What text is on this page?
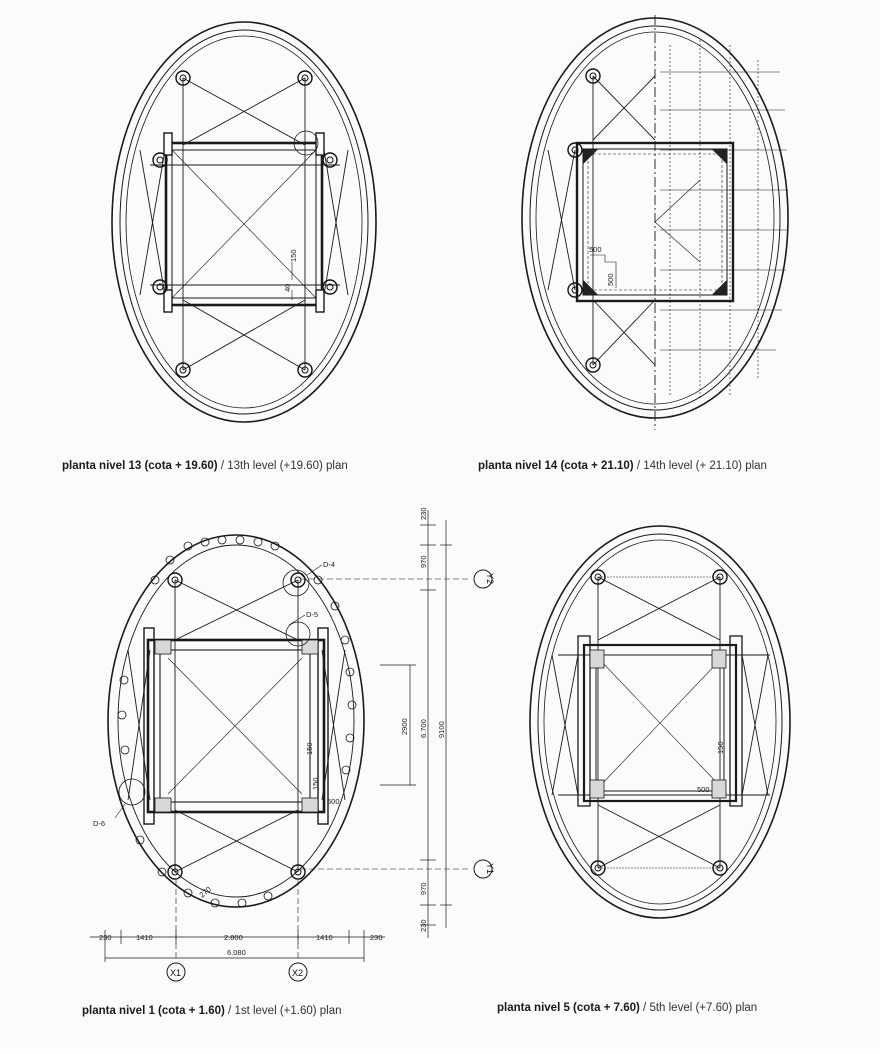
150
40
500
500
230	1410	2.800	1410	230
6.080
230
970
2900 6.700 9100
970
230
150
150
600
270
D-4
D-5
D-6
X1	X2
Y2
Y1
150
500
planta nivel 13 (cota + 19.60) / 13th level (+19.60) plan	planta nivel 14 (cota + 21.10) / 14th level (+ 21.10) plan
planta nivel 1 (cota + 1.60) / 1st level (+1.60) plan	planta nivel 5 (cota + 7.60) / 5th level (+7.60) plan
